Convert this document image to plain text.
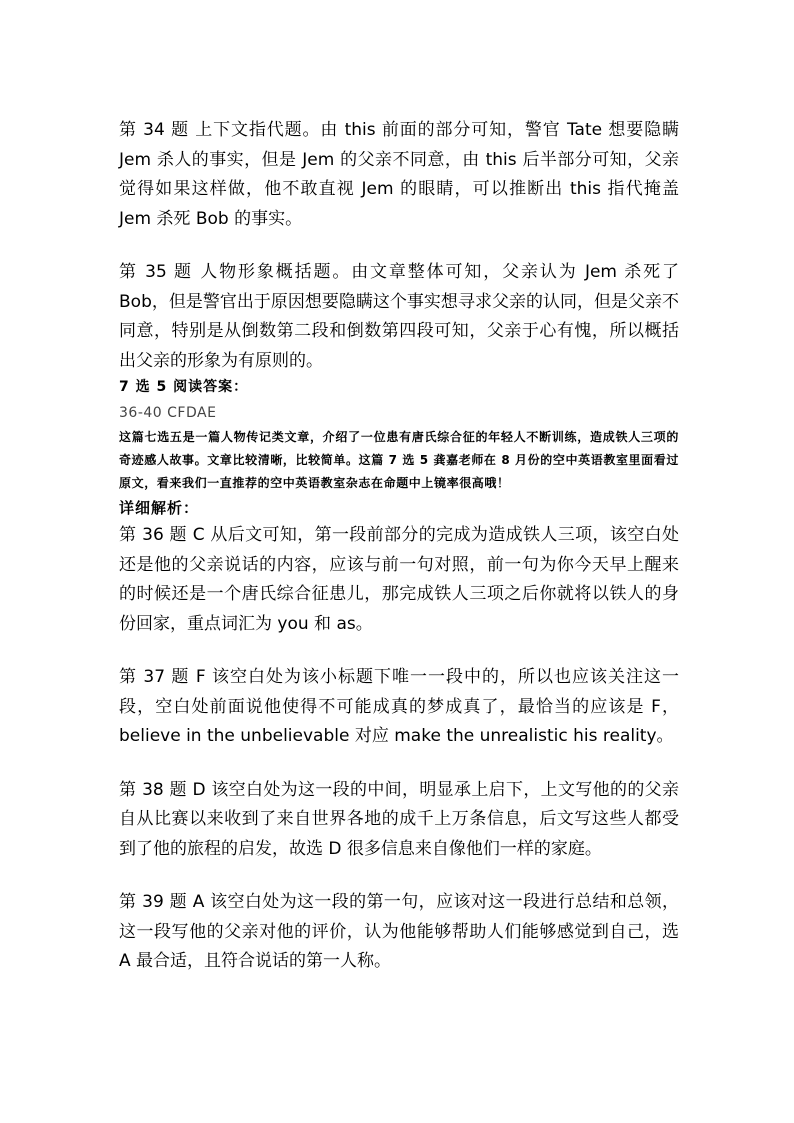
第 34 题 上下文指代题。由 this 前面的部分可知，警官 Tate 想要隐瞒 Jem 杀人的事实，但是 Jem 的父亲不同意，由 this 后半部分可知，父亲觉得如果这样做，他不敢直视 Jem 的眼睛，可以推断出 this 指代掩盖 Jem 杀死 Bob 的事实。

第 35 题 人物形象概括题。由文章整体可知，父亲认为 Jem 杀死了 Bob，但是警官出于原因想要隐瞒这个事实想寻求父亲的认同，但是父亲不同意，特别是从倒数第二段和倒数第四段可知，父亲于心有愧，所以概括出父亲的形象为有原则的。

7 选 5 阅读答案：

36-40 CFDAE

这篇七选五是一篇人物传记类文章，介绍了一位患有唐氏综合征的年轻人不断训练，造成铁人三项的奇迹感人故事。文章比较清晰，比较简单。这篇 7 选 5 龚嘉老师在 8 月份的空中英语教室里面看过原文，看来我们一直推荐的空中英语教室杂志在命题中上镜率很高哦！

详细解析：

第 36 题 C 从后文可知，第一段前部分的完成为造成铁人三项，该空白处还是他的父亲说话的内容，应该与前一句对照，前一句为你今天早上醒来的时候还是一个唐氏综合征患儿，那完成铁人三项之后你就将以铁人的身份回家，重点词汇为 you 和 as。

第 37 题 F 该空白处为该小标题下唯一一段中的，所以也应该关注这一段，空白处前面说他使得不可能成真的梦成真了，最恰当的应该是 F，believe in the unbelievable 对应 make the unrealistic his reality。

第 38 题 D 该空白处为这一段的中间，明显承上启下，上文写他的的父亲自从比赛以来收到了来自世界各地的成千上万条信息，后文写这些人都受到了他的旅程的启发，故选 D 很多信息来自像他们一样的家庭。

第 39 题 A 该空白处为这一段的第一句，应该对这一段进行总结和总领，这一段写他的父亲对他的评价，认为他能够帮助人们能够感觉到自己，选 A 最合适，且符合说话的第一人称。
